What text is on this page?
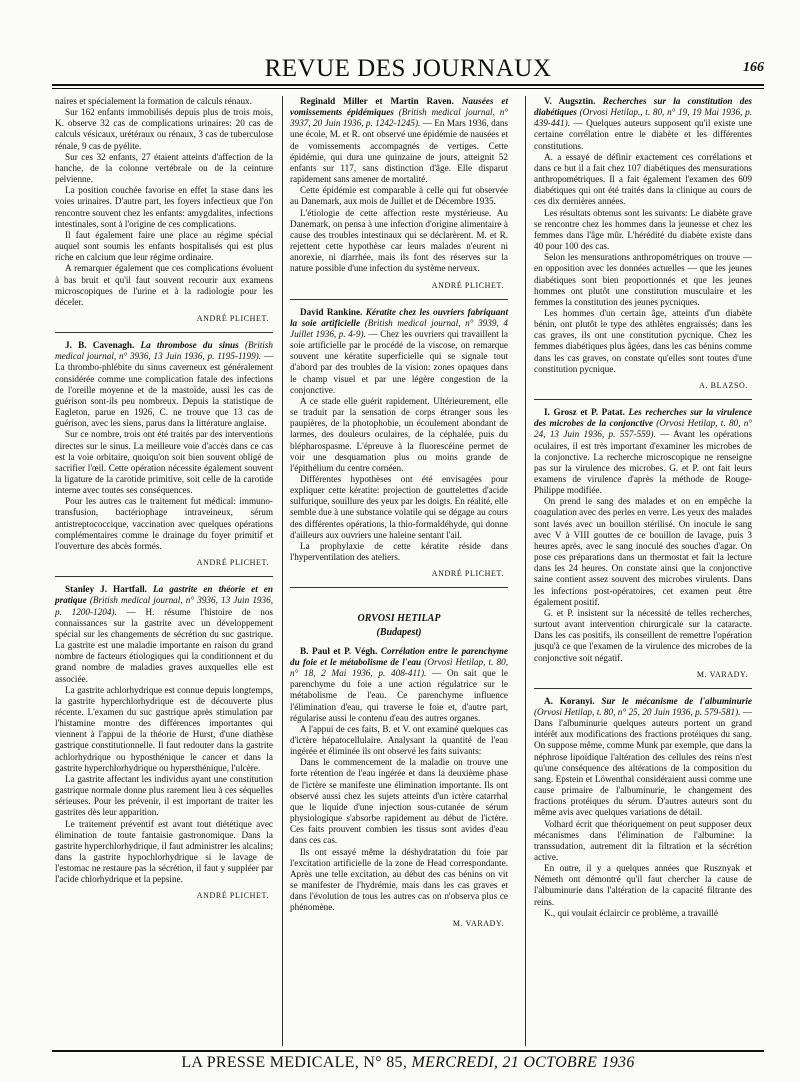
REVUE DES JOURNAUX	166

naires et spécialement la formation de calculs rénaux.

Sur 162 enfants immobilisés depuis plus de trois mois, K. observe 32 cas de complications urinaires: 20 cas de calculs vésicaux, urétéraux ou rénaux, 3 cas de tuberculose rénale, 9 cas de pyélite.

Sur ces 32 enfants, 27 étaient atteints d'affection de la hanche, de la colonne vertébrale ou de la ceinture pelvienne.

La position couchée favorise en effet la stase dans les voies urinaires. D'autre part, les foyers infectieux que l'on rencontre souvent chez les enfants: amygdalites, infections intestinales, sont à l'origine de ces complications.

Il faut également faire une place au régime spécial auquel sont soumis les enfants hospitalisés qui est plus riche en calcium que leur régime ordinaire.

A remarquer également que ces complications évoluent à bas bruit et qu'il faut souvent recourir aux examens microscopiques de l'urine et à la radiologie pour les déceler.

ANDRÉ PLICHET.

J. B. Cavenagh. La thrombose du sinus (British medical journal, n° 3936, 13 Juin 1936, p. 1195-1199). — La thrombo-phlébite du sinus caverneux est généralement considérée comme une complication fatale des infections de l'oreille moyenne et de la mastoïde, aussi les cas de guérison sont-ils peu nombreux. Depuis la statistique de Eagleton, parue en 1926, C. ne trouve que 13 cas de guérison, avec les siens, parus dans la littérature anglaise.

Sur ce nombre, trois ont été traités par des interventions directes sur le sinus. La meilleure voie d'accès dans ce cas est la voie orbitaire, quoiqu'on soit bien souvent obligé de sacrifier l'œil. Cette opération nécessite également souvent la ligature de la carotide primitive, soit celle de la carotide interne avec toutes ses conséquences.

Pour les autres cas le traitement fut médical: immuno-transfusion, bactériophage intraveineux, sérum antistreptococcique, vaccination avec quelques opérations complémentaires comme le drainage du foyer primitif et l'ouverture des abcès formés.

ANDRÉ PLICHET.

Stanley J. Hartfall. La gastrite en théorie et en pratique (British medical journal, n° 3936, 13 Juin 1936, p. 1200-1204). — H. résume l'histoire de nos connaissances sur la gastrite avec un développement spécial sur les changements de sécrétion du suc gastrique. La gastrite est une maladie importante en raison du grand nombre de facteurs étiologiques qui la conditionnent et du grand nombre de maladies graves auxquelles elle est associée.

La gastrite achlorhydrique est connue depuis longtemps, la gastrite hyperchlorhydrique est de découverte plus récente. L'examen du suc gastrique après stimulation par l'histamine montre des différences importantes qui viennent à l'appui de la théorie de Hurst, d'une diathèse gastrique constitutionnelle. Il faut redouter dans la gastrite achlorhydrique ou hyposthénique le cancer et dans la gastrite hyperchlorhydrique ou hypersthénique, l'ulcère.

La gastrite affectant les individus ayant une constitution gastrique normale donne plus rarement lieu à ces séquelles sérieuses. Pour les prévenir, il est important de traiter les gastrites dès leur apparition.

Le traitement préventif est avant tout diététique avec élimination de toute fantaisie gastronomique. Dans la gastrite hyperchlorhydrique, il faut administrer les alcalins; dans la gastrite hypochlorhydrique si le lavage de l'estomac ne restaure pas la sécrétion, il faut y suppléer par l'acide chlorhydrique et la pepsine.

ANDRÉ PLICHET.

Reginald Miller et Martin Raven. Nausées et vomissements épidémiques (British medical journal, n° 3937, 20 Juin 1936, p. 1242-1245). — En Mars 1936, dans une école, M. et R. ont observé une épidémie de nausées et de vomissements accompagnés de vertiges. Cette épidémie, qui dura une quinzaine de jours, atteignit 52 enfants sur 117, sans distinction d'âge. Elle disparut rapidement sans amener de mortalité.

Cette épidémie est comparable à celle qui fut observée au Danemark, aux mois de Juillet et de Décembre 1935.

L'étiologie de cette affection reste mystérieuse. Au Danemark, on pensa à une infection d'origine alimentaire à cause des troubles intestinaux qui se déclarèrent. M. et R. rejettent cette hypothèse car leurs malades n'eurent ni anorexie, ni diarrhée, mais ils font des réserves sur la nature possible d'une infection du système nerveux.

ANDRÉ PLICHET.

David Rankine. Kératite chez les ouvriers fabriquant la soie artificielle (British medical journal, n° 3939, 4 Juillet 1936, p. 4-9). — Chez les ouvriers qui travaillent la soie artificielle par le procédé de la viscose, on remarque souvent une kératite superficielle qui se signale tout d'abord par des troubles de la vision: zones opaques dans le champ visuel et par une légère congestion de la conjonctive.

A ce stade elle guérit rapidement. Ultérieurement, elle se traduit par la sensation de corps étranger sous les paupières, de la photophobie, un écoulement abondant de larmes, des douleurs oculaires, de la céphalée, puis du blépharospasme. L'épreuve à la fluorescéine permet de voir une desquamation plus ou moins grande de l'épithélium du centre cornéen.

Différentes hypothèses ont été envisagées pour expliquer cette kératite: projection de gouttelettes d'acide sulfurique, souillure des yeux par les doigts. En réalité, elle semble due à une substance volatile qui se dégage au cours des différentes opérations, la thio-formaldéhyde, qui donne d'ailleurs aux ouvriers une haleine sentant l'ail.

La prophylaxie de cette kératite réside dans l'hyperventilation des ateliers.

ANDRÉ PLICHET.

ORVOSI HETILAP

(Budapest)

B. Paul et P. Végh. Corrélation entre le parenchyme du foie et le métabolisme de l'eau (Orvosi Hetilap, t. 80, n° 18, 2 Mai 1936, p. 408-411). — On sait que le parenchyme du foie a une action régulatrice sur le métabolisme de l'eau. Ce parenchyme influence l'élimination d'eau, qui traverse le foie et, d'autre part, régularise aussi le contenu d'eau des autres organes.

A l'appui de ces faits, B. et V. ont examiné quelques cas d'ictère hépatocellulaire. Analysant la quantité de l'eau ingérée et éliminée ils ont observé les faits suivants:

Dans le commencement de la maladie on trouve une forte rétention de l'eau ingérée et dans la deuxième phase de l'ictère se manifeste une élimination importante. Ils ont observé aussi chez les sujets atteints d'un ictère catarrhal que le liquide d'une injection sous-cutanée de sérum physiologique s'absorbe rapidement au début de l'ictère. Ces faits prouvent combien les tissus sont avides d'eau dans ces cas.

Ils ont essayé même la déshydratation du foie par l'excitation artificielle de la zone de Head correspondante. Après une telle excitation, au début des cas bénins on vit se manifester de l'hydrémie, mais dans les cas graves et dans l'évolution de tous les autres cas on n'observa plus ce phénomène.

M. VARADY.

V. Augsztin. Recherches sur la constitution des diabétiques (Orvosi Hetilap., t. 80, n° 19, 19 Mai 1936, p. 439-441). — Quelques auteurs supposent qu'il existe une certaine corrélation entre le diabète et les différentes constitutions.

A. a essayé de définir exactement ces corrélations et dans ce but il a fait chez 107 diabétiques des mensurations anthropométriques. Il a fait également l'examen des 609 diabétiques qui ont été traités dans la clinique au cours de ces dix dernières années.

Les résultats obtenus sont les suivants: Le diabète grave se rencontre chez les hommes dans la jeunesse et chez les femmes dans l'âge mûr. L'hérédité du diabète existe dans 40 pour 100 des cas.

Selon les mensurations anthropométriques on trouve — en opposition avec les données actuelles — que les jeunes diabétiques sont bien proportionnés et que les jeunes hommes ont plutôt une constitution musculaire et les femmes la constitution des jeunes pycniques.

Les hommes d'un certain âge, atteints d'un diabète bénin, ont plutôt le type des athlètes engraissés; dans les cas graves, ils ont une constitution pycnique. Chez les femmes diabétiques plus âgées, dans les cas bénins comme dans les cas graves, on constate qu'elles sont toutes d'une constitution pycnique.

A. BLAZSO.

I. Grosz et P. Patat. Les recherches sur la virulence des microbes de la conjonctive (Orvosi Hetilap, t. 80, n° 24, 13 Juin 1936, p. 557-559). — Avant les opérations oculaires, il est très important d'examiner les microbes de la conjonctive. La recherche microscopique ne renseigne pas sur la virulence des microbes. G. et P. ont fait leurs examens de virulence d'après la méthode de Rouge-Philippe modifiée.

On prend le sang des malades et on en empêche la coagulation avec des perles en verre. Les yeux des malades sont lavés avec un bouillon stérilisé. On inocule le sang avec V à VIII gouttes de ce bouillon de lavage, puis 3 heures après, avec le sang inoculé des souches d'agar. On pose ces préparations dans un thermostat et fait la lecture dans les 24 heures. On constate ainsi que la conjonctive saine contient assez souvent des microbes virulents. Dans les infections post-opératoires, cet examen peut être également positif.

G. et P. insistent sur la nécessité de telles recherches, surtout avant intervention chirurgicale sur la cataracte. Dans les cas positifs, ils conseillent de remettre l'opération jusqu'à ce que l'examen de la virulence des microbes de la conjonctive soit négatif.

M. VARADY.

A. Koranyi. Sur le mécanisme de l'albuminurie (Orvosi Hetilap, t. 80, n° 25, 20 Juin 1936, p. 579-581). — Dans l'albuminurie quelques auteurs portent un grand intérêt aux modifications des fractions protéiques du sang. On suppose même, comme Munk par exemple, que dans la néphrose lipoïdique l'altération des cellules des reins n'est qu'une conséquence des altérations de la composition du sang. Epstein et Löwenthal considéraient aussi comme une cause primaire de l'albuminurie, le changement des fractions protéiques du sérum. D'autres auteurs sont du même avis avec quelques variations de détail.

Volhard écrit que théoriquement on peut supposer deux mécanismes dans l'élimination de l'albumine: la transsudation, autrement dit la filtration et la sécrétion active.

En outre, il y a quelques années que Rusznyak et Németh ont démontré qu'il faut chercher la cause de l'albuminurie dans l'altération de la capacité filtrante des reins.

K., qui voulait éclaircir ce problème, a travaillé

LA PRESSE MEDICALE, N° 85, MERCREDI, 21 OCTOBRE 1936
